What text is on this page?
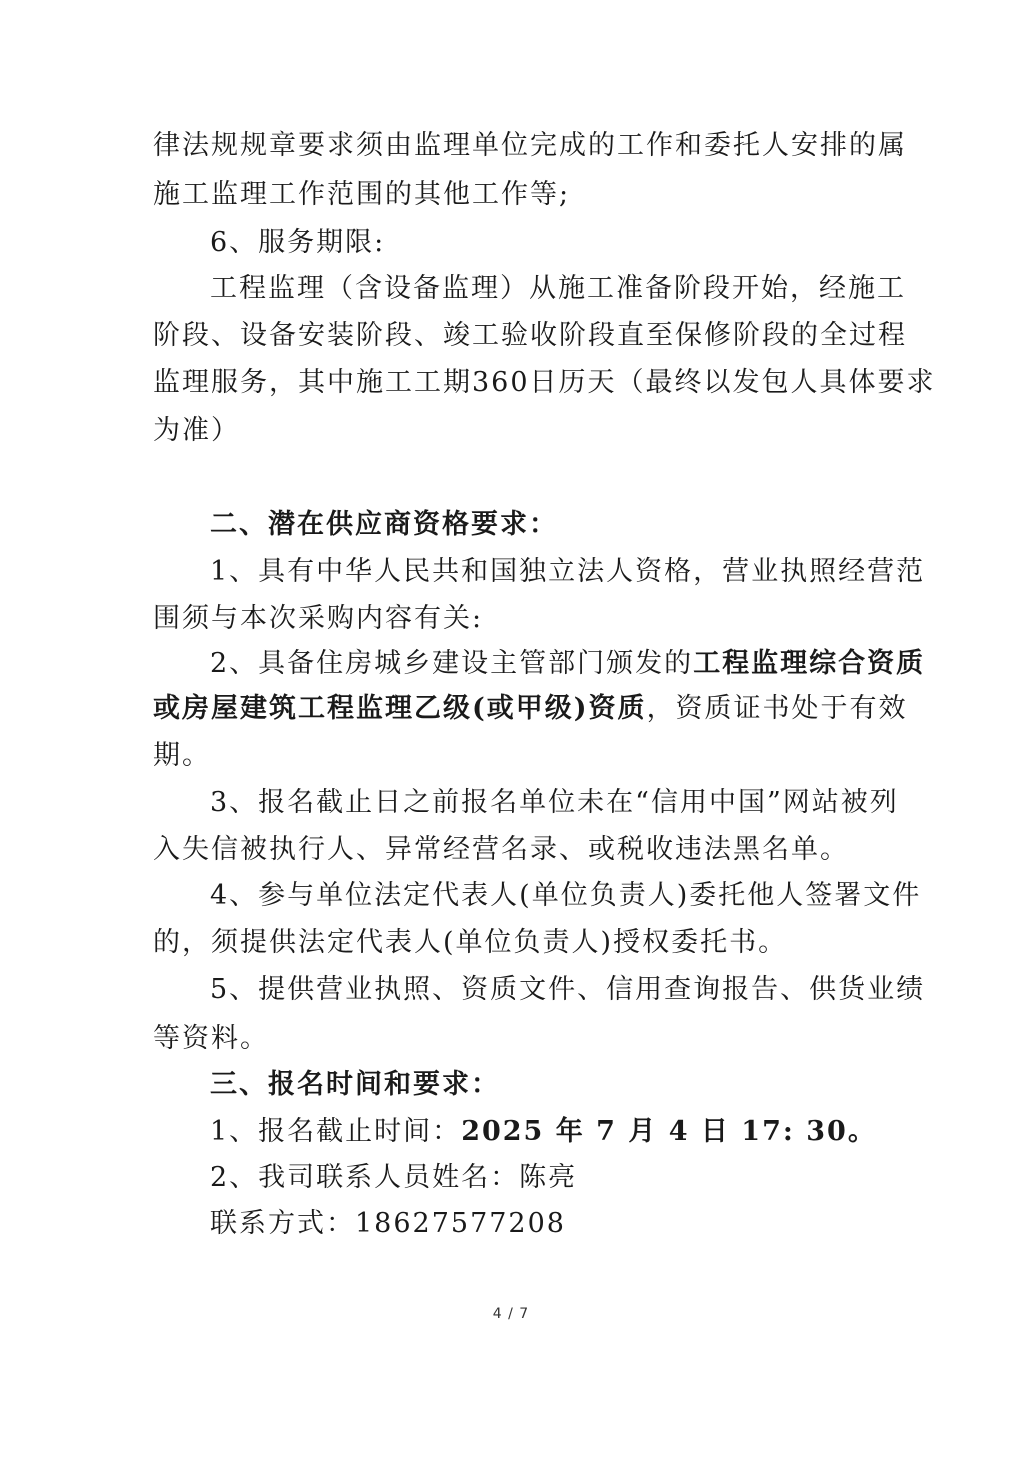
律法规规章要求须由监理单位完成的工作和委托人安排的属
施工监理工作范围的其他工作等;
6、服务期限:
工程监理（含设备监理）从施工准备阶段开始，经施工
阶段、设备安装阶段、竣工验收阶段直至保修阶段的全过程
监理服务，其中施工工期360日历天（最终以发包人具体要求
为准）
二、潜在供应商资格要求：
1、具有中华人民共和国独立法人资格，营业执照经营范
围须与本次采购内容有关:
2、具备住房城乡建设主管部门颁发的工程监理综合资质
或房屋建筑工程监理乙级(或甲级)资质，资质证书处于有效
期。
3、报名截止日之前报名单位未在“信用中国”网站被列
入失信被执行人、异常经营名录、或税收违法黑名单。
4、参与单位法定代表人(单位负责人)委托他人签署文件
的，须提供法定代表人(单位负责人)授权委托书。
5、提供营业执照、资质文件、信用查询报告、供货业绩
等资料。
三、报名时间和要求：
1、报名截止时间：2025 年 7 月 4 日 17: 30。
2、我司联系人员姓名：陈亮
联系方式：18627577208
4 / 7
